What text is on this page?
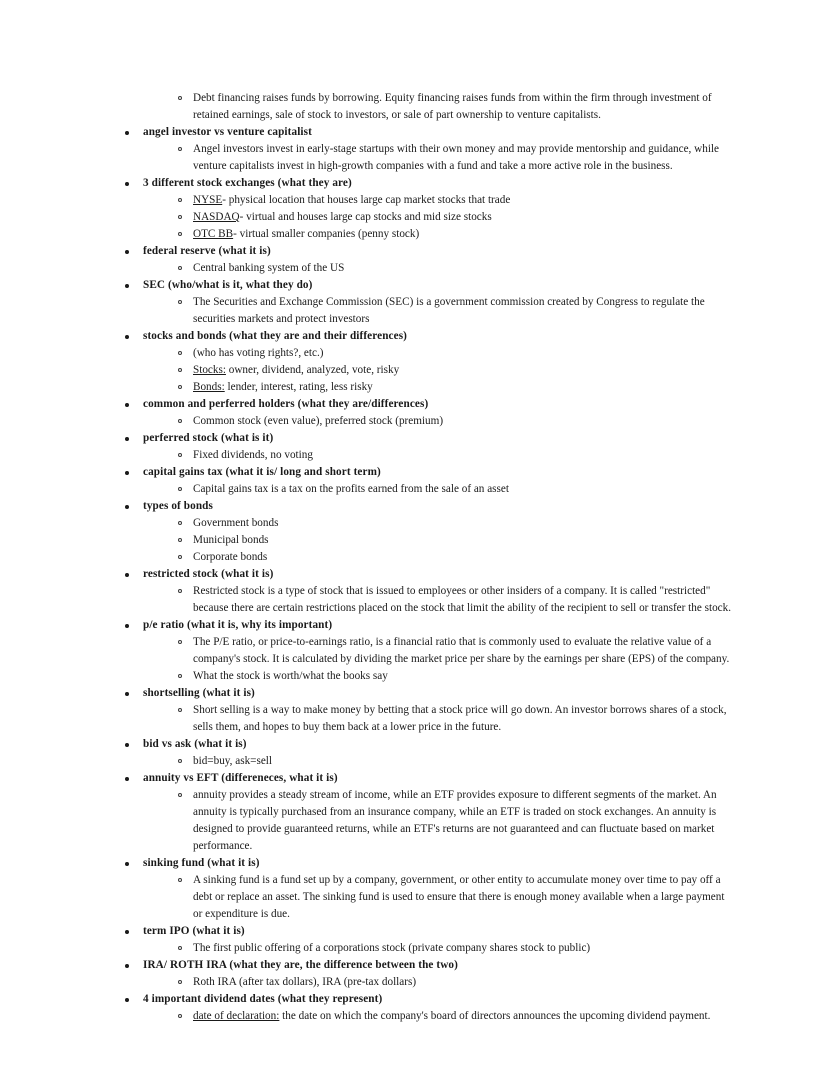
Debt financing raises funds by borrowing. Equity financing raises funds from within the firm through investment of retained earnings, sale of stock to investors, or sale of part ownership to venture capitalists.
angel investor vs venture capitalist
Angel investors invest in early-stage startups with their own money and may provide mentorship and guidance, while venture capitalists invest in high-growth companies with a fund and take a more active role in the business.
3 different stock exchanges (what they are)
NYSE- physical location that houses large cap market stocks that trade
NASDAQ- virtual and houses large cap stocks and mid size stocks
OTC BB- virtual smaller companies (penny stock)
federal reserve (what it is)
Central banking system of the US
SEC (who/what is it, what they do)
The Securities and Exchange Commission (SEC) is a government commission created by Congress to regulate the securities markets and protect investors
stocks and bonds (what they are and their differences)
(who has voting rights?, etc.)
Stocks: owner, dividend, analyzed, vote, risky
Bonds: lender, interest, rating, less risky
common and perferred holders (what they are/differences)
Common stock (even value), preferred stock (premium)
perferred stock (what is it)
Fixed dividends, no voting
capital gains tax (what it is/ long and short term)
Capital gains tax is a tax on the profits earned from the sale of an asset
types of bonds
Government bonds
Municipal bonds
Corporate bonds
restricted stock (what it is)
Restricted stock is a type of stock that is issued to employees or other insiders of a company. It is called "restricted" because there are certain restrictions placed on the stock that limit the ability of the recipient to sell or transfer the stock.
p/e ratio (what it is, why its important)
The P/E ratio, or price-to-earnings ratio, is a financial ratio that is commonly used to evaluate the relative value of a company's stock. It is calculated by dividing the market price per share by the earnings per share (EPS) of the company.
What the stock is worth/what the books say
shortselling (what it is)
Short selling is a way to make money by betting that a stock price will go down. An investor borrows shares of a stock, sells them, and hopes to buy them back at a lower price in the future.
bid vs ask (what it is)
bid=buy, ask=sell
annuity vs EFT (differeneces, what it is)
annuity provides a steady stream of income, while an ETF provides exposure to different segments of the market. An annuity is typically purchased from an insurance company, while an ETF is traded on stock exchanges. An annuity is designed to provide guaranteed returns, while an ETF's returns are not guaranteed and can fluctuate based on market performance.
sinking fund (what it is)
A sinking fund is a fund set up by a company, government, or other entity to accumulate money over time to pay off a debt or replace an asset. The sinking fund is used to ensure that there is enough money available when a large payment or expenditure is due.
term IPO (what it is)
The first public offering of a corporations stock (private company shares stock to public)
IRA/ ROTH IRA (what they are, the difference between the two)
Roth IRA (after tax dollars), IRA (pre-tax dollars)
4 important dividend dates (what they represent)
date of declaration: the date on which the company's board of directors announces the upcoming dividend payment.
